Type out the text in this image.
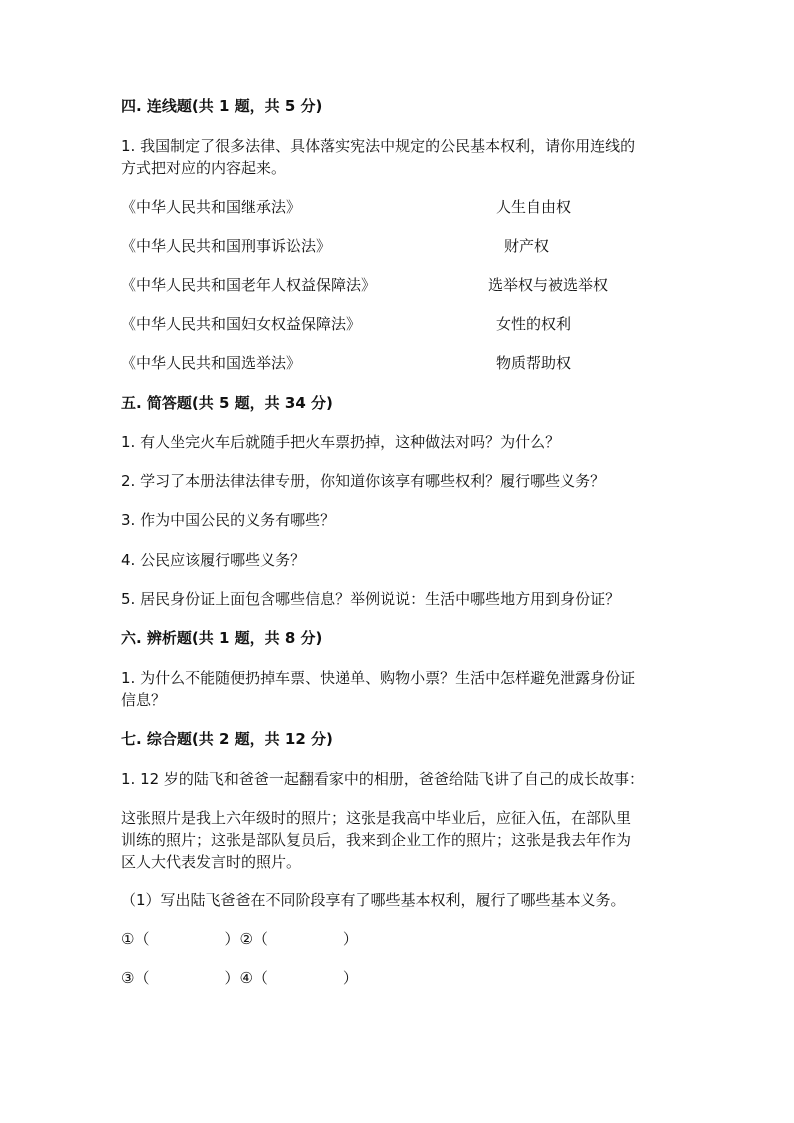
四. 连线题(共 1 题，共 5 分)
1. 我国制定了很多法律、具体落实宪法中规定的公民基本权利，请你用连线的
方式把对应的内容起来。
《中华人民共和国继承法》	人生自由权
《中华人民共和国刑事诉讼法》	财产权
《中华人民共和国老年人权益保障法》	选举权与被选举权
《中华人民共和国妇女权益保障法》	女性的权利
《中华人民共和国选举法》	物质帮助权
五. 简答题(共 5 题，共 34 分)
1. 有人坐完火车后就随手把火车票扔掉，这种做法对吗？为什么？
2. 学习了本册法律法律专册，你知道你该享有哪些权利？履行哪些义务？
3. 作为中国公民的义务有哪些？
4. 公民应该履行哪些义务？
5. 居民身份证上面包含哪些信息？举例说说：生活中哪些地方用到身份证？
六. 辨析题(共 1 题，共 8 分)
1. 为什么不能随便扔掉车票、快递单、购物小票？生活中怎样避免泄露身份证
信息？
七. 综合题(共 2 题，共 12 分)
1. 12 岁的陆飞和爸爸一起翻看家中的相册，爸爸给陆飞讲了自己的成长故事：
这张照片是我上六年级时的照片；这张是我高中毕业后，应征入伍，在部队里
训练的照片；这张是部队复员后，我来到企业工作的照片；这张是我去年作为
区人大代表发言时的照片。
（1）写出陆飞爸爸在不同阶段享有了哪些基本权利，履行了哪些基本义务。
①（　　　　　）②（　　　　　）
③（　　　　　）④（　　　　　）
